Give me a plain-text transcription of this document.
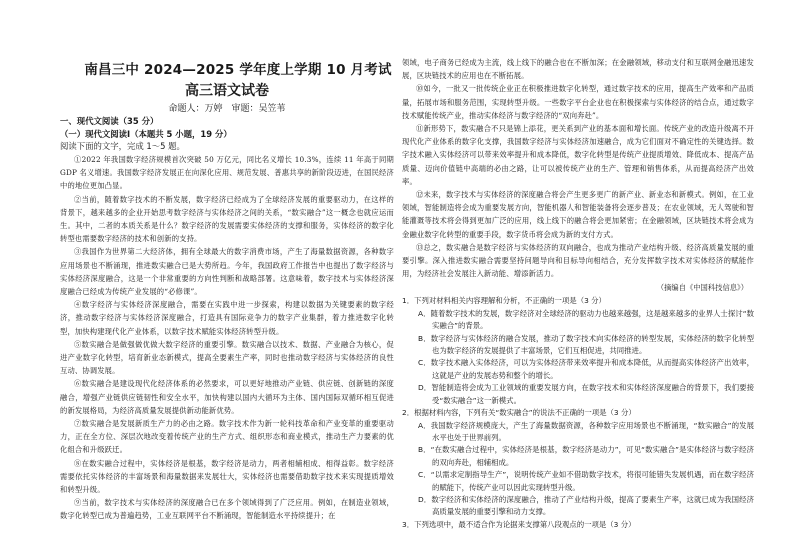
南昌三中 2024—2025 学年度上学期 10 月考试
高三语文试卷
命题人：万婷　审题：吴笠苇
一、现代文阅读（35 分）
（一）现代文阅读Ⅰ（本题共 5 小题，19 分）
阅读下面的文字，完成 1～5 题。

①2022 年我国数字经济规模首次突破 50 万亿元，同比名义增长 10.3%，连续 11 年高于同期 GDP 名义增速。我国数字经济发展正在向深化应用、规范发展、普惠共享的新阶段迈进，在国民经济中的地位更加凸显。

②当前，随着数字技术的不断发展，数字经济已经成为了全球经济发展的重要驱动力，在这样的背景下，越来越多的企业开始思考数字经济与实体经济之间的关系，“数实融合”这一概念也就应运而生。其中，二者的本质关系是什么？数字经济的发展需要实体经济的支撑和服务，实体经济的数字化转型也需要数字经济的技术和创新的支持。

③我国作为世界第二大经济体，拥有全球最大的数字消费市场，产生了海量数据资源，各种数字应用场景也不断涌现，推进数实融合已是大势所趋。今年，我国政府工作报告中也提出了数字经济与实体经济深度融合，这是一个非常重要的方向性判断和战略部署。这意味着，数字技术与实体经济深度融合已经成为传统产业发展的“必修课”。

④数字经济与实体经济深度融合，需要在实践中进一步探索，构建以数据为关键要素的数字经济，推动数字经济与实体经济深度融合，打造具有国际竞争力的数字产业集群，着力推进数字化转型，加快构建现代化产业体系，以数字技术赋能实体经济转型升级。

⑤数实融合是做强做优做大数字经济的重要引擎。数实融合以技术、数据、产业融合为核心，促进产业数字化转型，培育新业态新模式，提高全要素生产率，同时也推动数字经济与实体经济的良性互动、协调发展。

⑥数实融合是建设现代化经济体系的必然要求，可以更好地推动产业链、供应链、创新链的深度融合，增强产业链供应链韧性和安全水平，加快构建以国内大循环为主体、国内国际双循环相互促进的新发展格局，为经济高质量发展提供新动能新优势。

⑦数实融合是发展新质生产力的必由之路。数字技术作为新一轮科技革命和产业变革的重要驱动力，正在全方位、深层次地改变着传统产业的生产方式、组织形态和商业模式，推动生产力要素的优化组合和升级跃迁。

⑧在数实融合过程中，实体经济是根基，数字经济是动力，两者相辅相成、相得益彰。数字经济需要依托实体经济的丰富场景和海量数据来发展壮大，实体经济也需要借助数字技术来实现提质增效和转型升级。

⑨当前，数字技术与实体经济的深度融合已在多个领域得到了广泛应用。例如，在制造业领域，数字化转型已成为普遍趋势，工业互联网平台不断涌现，智能制造水平持续提升；在

领域，电子商务已经成为主流，线上线下的融合也在不断加深；在金融领域，移动支付和互联网金融迅速发展，区块链技术的应用也在不断拓展。

⑩如今，一批又一批传统企业正在积极推进数字化转型，通过数字技术的应用，提高生产效率和产品质量，拓展市场和服务范围，实现转型升级。一些数字平台企业也在积极探索与实体经济的结合点，通过数字技术赋能传统产业，推动实体经济与数字经济的“双向奔赴”。

⑪新形势下，数实融合不只是锦上添花，更关系到产业的基本面和增长面。传统产业的改造升级离不开现代化产业体系的数字化支撑，我国数字经济与实体经济加速融合，成为它们面对不确定性的关键选择。数字技术融入实体经济可以带来效率提升和成本降低，数字化转型是传统产业提质增效、降低成本、提高产品质量、迈向价值链中高端的必由之路，让可以被传统产业的生产、管理和销售体系，从而提高经济产出效率。

⑫未来，数字技术与实体经济的深度融合将会产生更多更广的新产业、新业态和新模式。例如，在工业领域，智能制造将会成为重要发展方向，智能机器人和智能装备将会逐步普及；在农业领域，无人驾驶和智能灌溉等技术将会得到更加广泛的应用，线上线下的融合将会更加紧密；在金融领域，区块链技术将会成为金融业数字化转型的重要手段，数字货币将会成为新的支付方式。

⑬总之，数实融合是数字经济与实体经济的双向融合，也成为推动产业结构升级、经济高质量发展的重要引擎。深入推进数实融合需要坚持问题导向和目标导向相结合，充分发挥数字技术对实体经济的赋能作用，为经济社会发展注入新动能、增添新活力。

（摘编自《中国科技信息》）

1．下列对材料相关内容理解和分析，不正确的一项是（3 分）

A．随着数字技术的发展，数字经济对全球经济的驱动力也越来越强，这是越来越多的业界人士探讨“数实融合”的背景。

B．数字经济与实体经济的融合发展，推动了数字技术向实体经济的转型发展，实体经济的数字化转型也为数字经济的发展提供了丰富场景，它们互相促进，共同推进。

C．数字技术融入实体经济，可以为实体经济带来效率提升和成本降低，从而提高实体经济产出效率，这就是产业的发展态势和整个的增长。

D．智能制造将会成为工业领域的重要发展方向，在数字技术和实体经济深度融合的背景下，我们要接受“数实融合”这一新模式。

2．根据材料内容，下列有关“数实融合”的说法不正确的一项是（3 分）

A．我国数字经济规模庞大，产生了海量数据资源，各种数字应用场景也不断涌现，“数实融合”的发展水平也处于世界前列。

B．“在数实融合过程中，实体经济是根基，数字经济是动力”，可见“数实融合”是实体经济与数字经济的双向奔赴，相辅相成。

C．“以需求定制指导生产”，说明传统产业如不借助数字技术，将很可能错失发展机遇，而在数字经济的赋能下，传统产业可以因此实现转型升级。

D．数字经济和实体经济的深度融合，推动了产业结构升级，提高了要素生产率，这就已成为我国经济高质量发展的重要引擎和动力支撑。

3．下列选项中，最不适合作为论据来支撑第八段观点的一项是（3 分）
